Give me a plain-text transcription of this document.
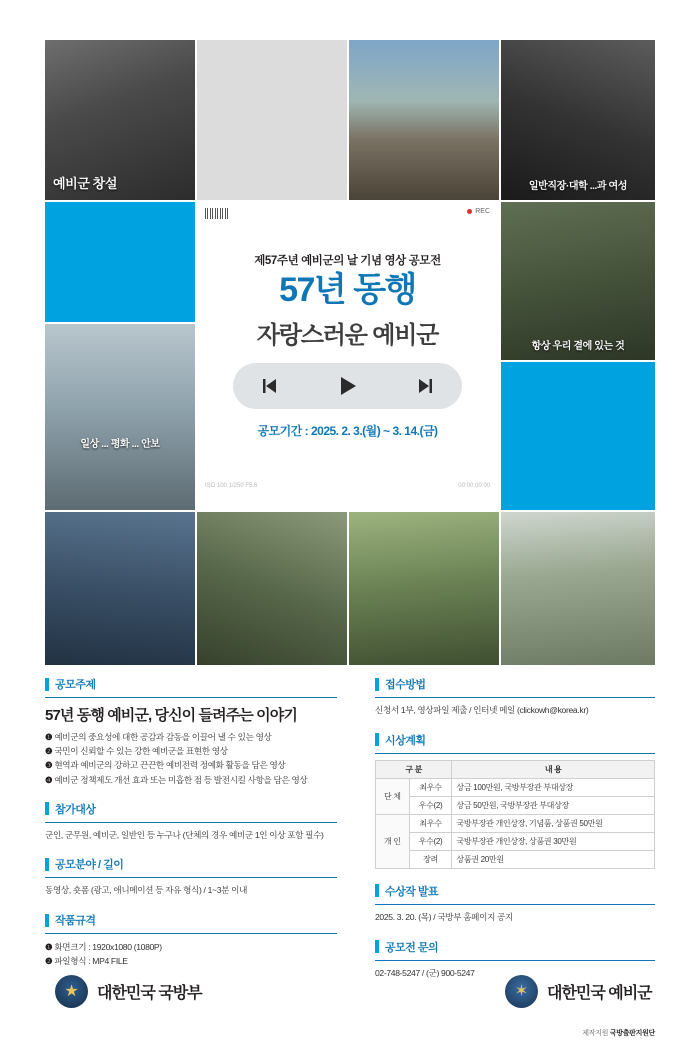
예비군 창설	일반직장·대학 ...과 여성
항상 우리 곁에 있는 것
일상 ... 평화 ... 안보
REC
제57주년 예비군의 날 기념 영상 공모전
57년 동행
자랑스러운 예비군
공모기간 : 2025. 2. 3.(월) ~ 3. 14.(금)
ISO 100 1/250 F5.6	00:00:00:00
공모주제
57년 동행 예비군, 당신이 들려주는 이야기
❶ 예비군의 중요성에 대한 공감과 감동을 이끌어 낼 수 있는 영상
❷ 국민이 신뢰할 수 있는 강한 예비군을 표현한 영상
❸ 현역과 예비군의 강하고 끈끈한 예비전력 정예화 활동을 담은 영상
❹ 예비군 정책제도 개선 효과 또는 미흡한 점 등 발전시킬 사항을 담은 영상
참가대상

군인, 군무원, 예비군, 일반인 등 누구나 (단체의 경우 예비군 1인 이상 포함 필수)

공모분야 / 길이

동영상, 숏폼 (광고, 애니메이션 등 자유 형식) / 1~3분 이내

작품규격
❶ 화면크기 : 1920x1080 (1080P)
❷ 파일형식 : MP4 FILE
접수방법

신청서 1부, 영상파일 제출 / 인터넷 메일 (clickowh@korea.kr)

시상계획
구 분		내 용
단 체	최우수	상금 100만원, 국방부장관 부대상장
	우수(2)	상금 50만원, 국방부장관 부대상장
개 인	최우수	국방부장관 개인상장, 기념품, 상품권 50만원
	우수(2)	국방부장관 개인상장, 상품권 30만원
	장려	상품권 20만원
수상작 발표

2025. 3. 20. (목) / 국방부 홈페이지 공지

공모전 문의

02-748-5247 / (군) 900-5247

★	대한민국 국방부	✶	대한민국 예비군
제작지원 국방출판지원단
